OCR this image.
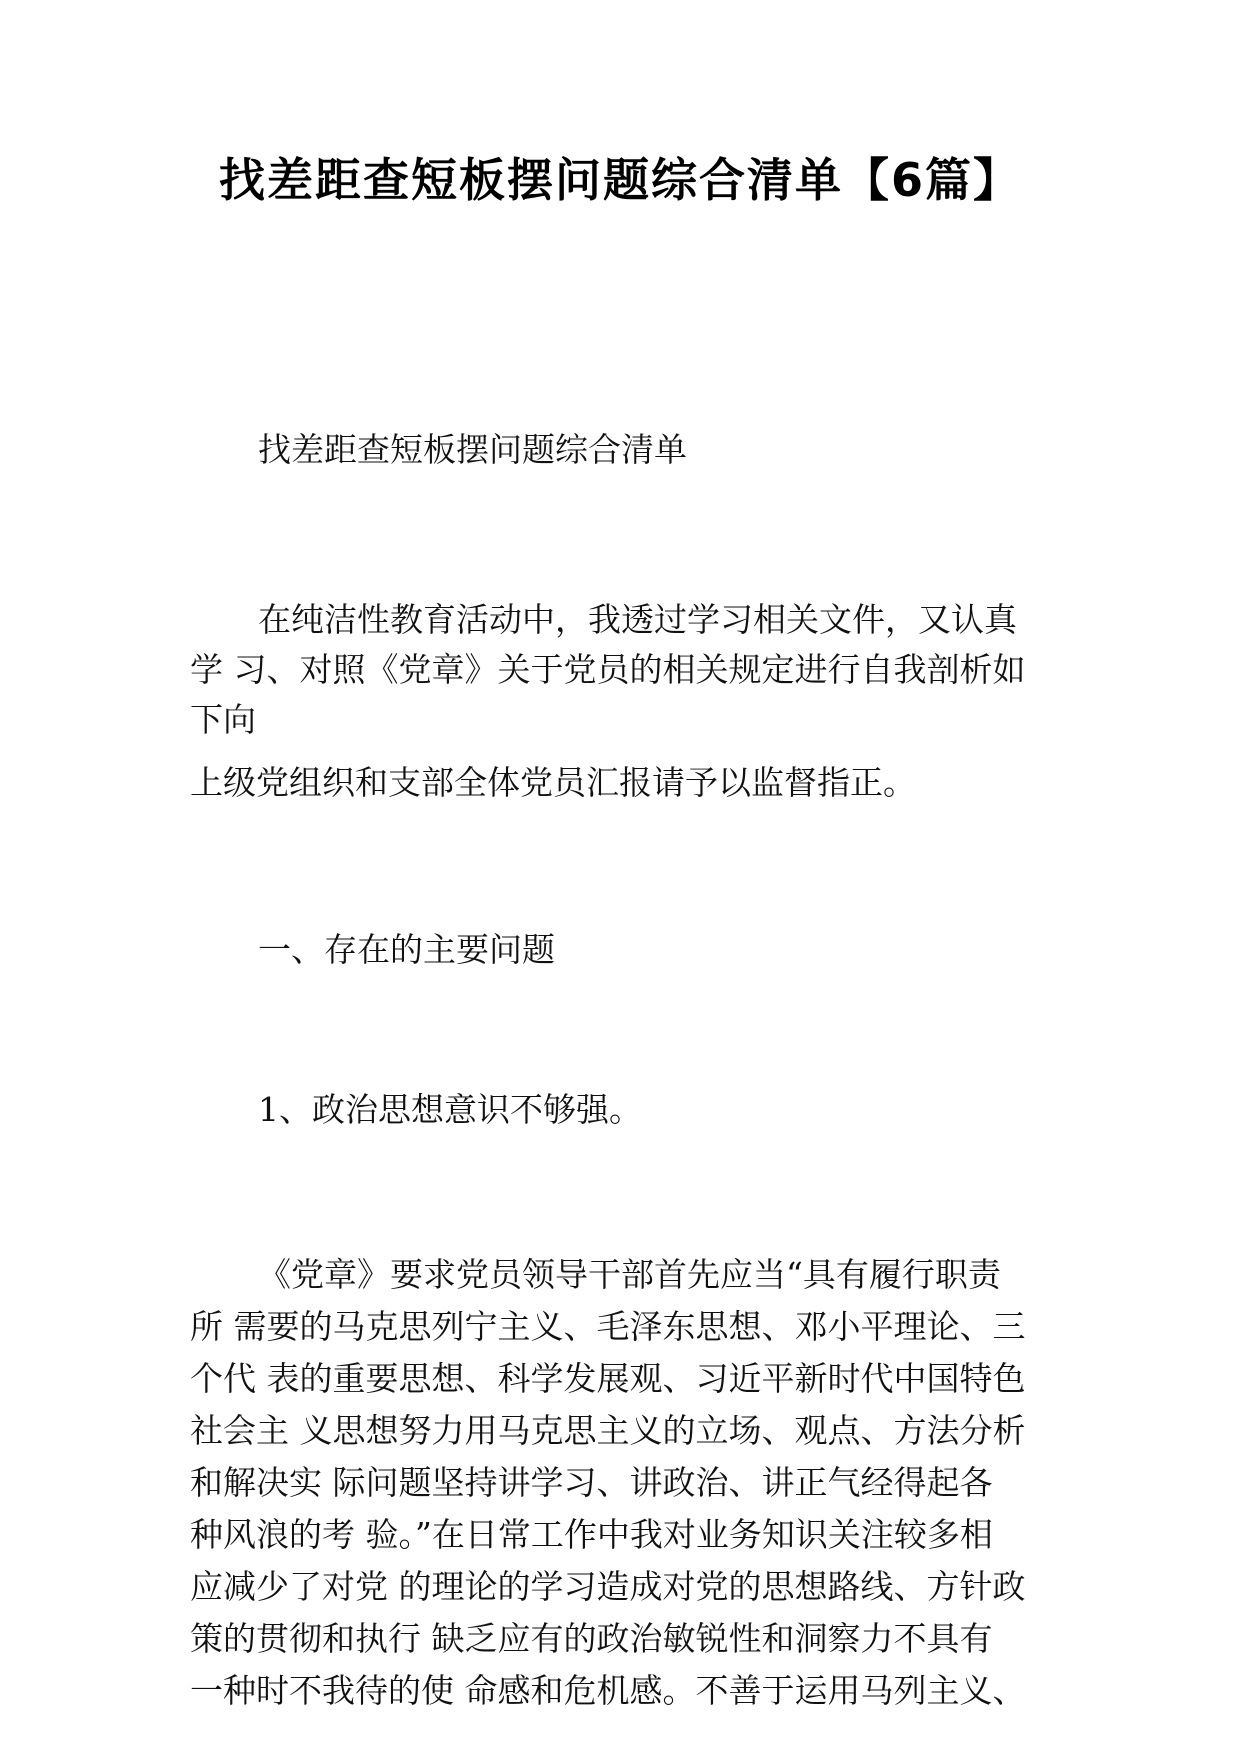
找差距查短板摆问题综合清单【6篇】
找差距查短板摆问题综合清单
在纯洁性教育活动中，我透过学习相关文件，又认真
学 习、对照《党章》关于党员的相关规定进行自我剖析如
下向
上级党组织和支部全体党员汇报请予以监督指正。
一、存在的主要问题
1、政治思想意识不够强。
《党章》要求党员领导干部首先应当“具有履行职责
所 需要的马克思列宁主义、毛泽东思想、邓小平理论、三
个代 表的重要思想、科学发展观、习近平新时代中国特色
社会主 义思想努力用马克思主义的立场、观点、方法分析
和解决实 际问题坚持讲学习、讲政治、讲正气经得起各
种风浪的考 验。”在日常工作中我对业务知识关注较多相
应减少了对党 的理论的学习造成对党的思想路线、方针政
策的贯彻和执行 缺乏应有的政治敏锐性和洞察力不具有
一种时不我待的使 命感和危机感。不善于运用马列主义、
